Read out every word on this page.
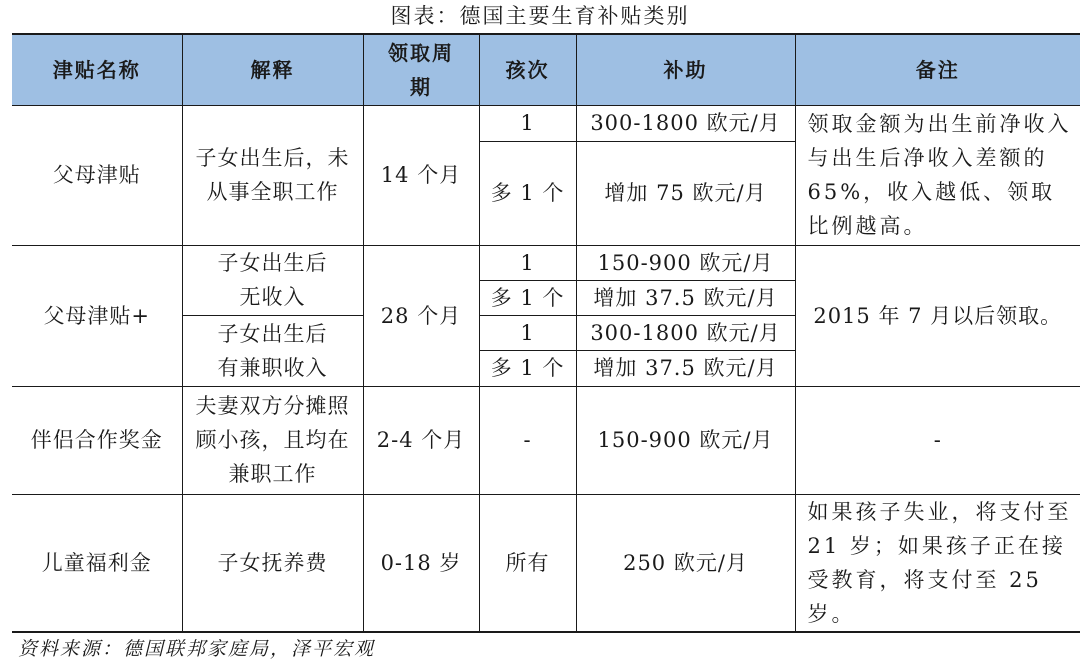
图表：德国主要生育补贴类别
津贴名称	解释	领取周期	孩次	补助	备注
父母津贴	子女出生后，未从事全职工作	14 个月	1	300-1800 欧元/月	领取金额为出生前净收入与出生后净收入差额的 65%，收入越低、领取比例越高。
			多 1 个	增加 75 欧元/月	
父母津贴+	子女出生后无收入	28 个月	1	150-900 欧元/月	2015 年 7 月以后领取。
			多 1 个	增加 37.5 欧元/月	
	子女出生后有兼职收入		1	300-1800 欧元/月	
			多 1 个	增加 37.5 欧元/月	
伴侣合作奖金	夫妻双方分摊照顾小孩，且均在兼职工作	2-4 个月	-	150-900 欧元/月	-
儿童福利金	子女抚养费	0-18 岁	所有	250 欧元/月	如果孩子失业，将支付至 21 岁；如果孩子正在接受教育，将支付至 25 岁。
资料来源：德国联邦家庭局，泽平宏观
